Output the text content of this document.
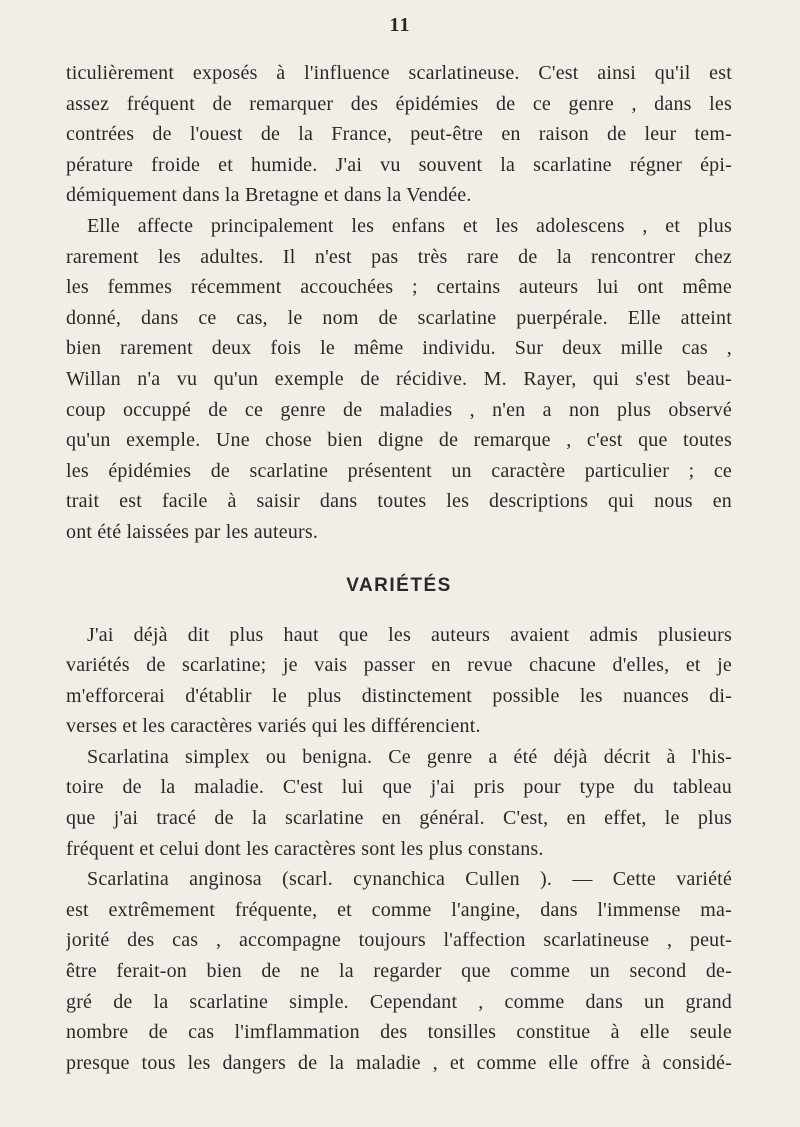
11
ticulièrement exposés à l'influence scarlatineuse. C'est ainsi qu'il est
assez fréquent de remarquer des épidémies de ce genre , dans les
contrées de l'ouest de la France, peut-être en raison de leur tem-
pérature froide et humide. J'ai vu souvent la scarlatine régner épi-
démiquement dans la Bretagne et dans la Vendée.
Elle affecte principalement les enfans et les adolescens , et plus
rarement les adultes. Il n'est pas très rare de la rencontrer chez
les femmes récemment accouchées ; certains auteurs lui ont même
donné, dans ce cas, le nom de scarlatine puerpérale. Elle atteint
bien rarement deux fois le même individu. Sur deux mille cas ,
Willan n'a vu qu'un exemple de récidive. M. Rayer, qui s'est beau-
coup occuppé de ce genre de maladies , n'en a non plus observé
qu'un exemple. Une chose bien digne de remarque , c'est que toutes
les épidémies de scarlatine présentent un caractère particulier ; ce
trait est facile à saisir dans toutes les descriptions qui nous en
ont été laissées par les auteurs.
VARIÉTÉS
J'ai déjà dit plus haut que les auteurs avaient admis plusieurs
variétés de scarlatine; je vais passer en revue chacune d'elles, et je
m'efforcerai d'établir le plus distinctement possible les nuances di-
verses et les caractères variés qui les différencient.
Scarlatina simplex ou benigna. Ce genre a été déjà décrit à l'his-
toire de la maladie. C'est lui que j'ai pris pour type du tableau
que j'ai tracé de la scarlatine en général. C'est, en effet, le plus
fréquent et celui dont les caractères sont les plus constans.
Scarlatina anginosa (scarl. cynanchica Cullen ). — Cette variété
est extrêmement fréquente, et comme l'angine, dans l'immense ma-
jorité des cas , accompagne toujours l'affection scarlatineuse , peut-
être ferait-on bien de ne la regarder que comme un second de-
gré de la scarlatine simple. Cependant , comme dans un grand
nombre de cas l'imflammation des tonsilles constitue à elle seule
presque tous les dangers de la maladie , et comme elle offre à considé-
